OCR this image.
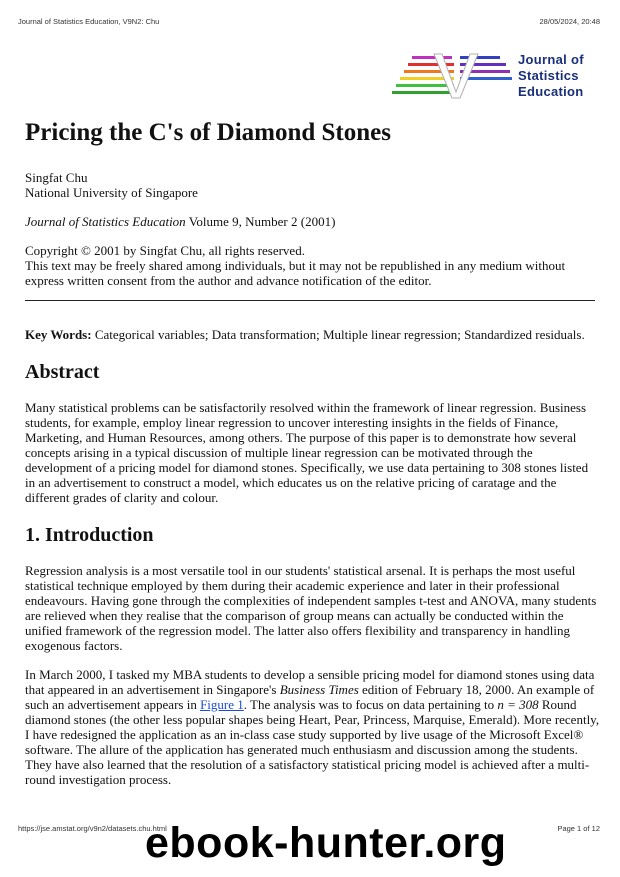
Journal of Statistics Education, V9N2: Chu	28/05/2024, 20:48
Journal of
Statistics
Education
Pricing the C's of Diamond Stones

Singfat Chu
National University of Singapore

Journal of Statistics Education Volume 9, Number 2 (2001)

Copyright © 2001 by Singfat Chu, all rights reserved.
This text may be freely shared among individuals, but it may not be republished in any medium without express written consent from the author and advance notification of the editor.

Key Words: Categorical variables; Data transformation; Multiple linear regression; Standardized residuals.

Abstract

Many statistical problems can be satisfactorily resolved within the framework of linear regression. Business students, for example, employ linear regression to uncover interesting insights in the fields of Finance, Marketing, and Human Resources, among others. The purpose of this paper is to demonstrate how several concepts arising in a typical discussion of multiple linear regression can be motivated through the development of a pricing model for diamond stones. Specifically, we use data pertaining to 308 stones listed in an advertisement to construct a model, which educates us on the relative pricing of caratage and the different grades of clarity and colour.

1. Introduction

Regression analysis is a most versatile tool in our students' statistical arsenal. It is perhaps the most useful statistical technique employed by them during their academic experience and later in their professional endeavours. Having gone through the complexities of independent samples t-test and ANOVA, many students are relieved when they realise that the comparison of group means can actually be conducted within the unified framework of the regression model. The latter also offers flexibility and transparency in handling exogenous factors.

In March 2000, I tasked my MBA students to develop a sensible pricing model for diamond stones using data that appeared in an advertisement in Singapore's Business Times edition of February 18, 2000. An example of such an advertisement appears in Figure 1. The analysis was to focus on data pertaining to n = 308 Round diamond stones (the other less popular shapes being Heart, Pear, Princess, Marquise, Emerald). More recently, I have redesigned the application as an in-class case study supported by live usage of the Microsoft Excel® software. The allure of the application has generated much enthusiasm and discussion among the students. They have also learned that the resolution of a satisfactory statistical pricing model is achieved after a multi-round investigation process.

https://jse.amstat.org/v9n2/datasets.chu.html	Page 1 of 12
ebook-hunter.org
